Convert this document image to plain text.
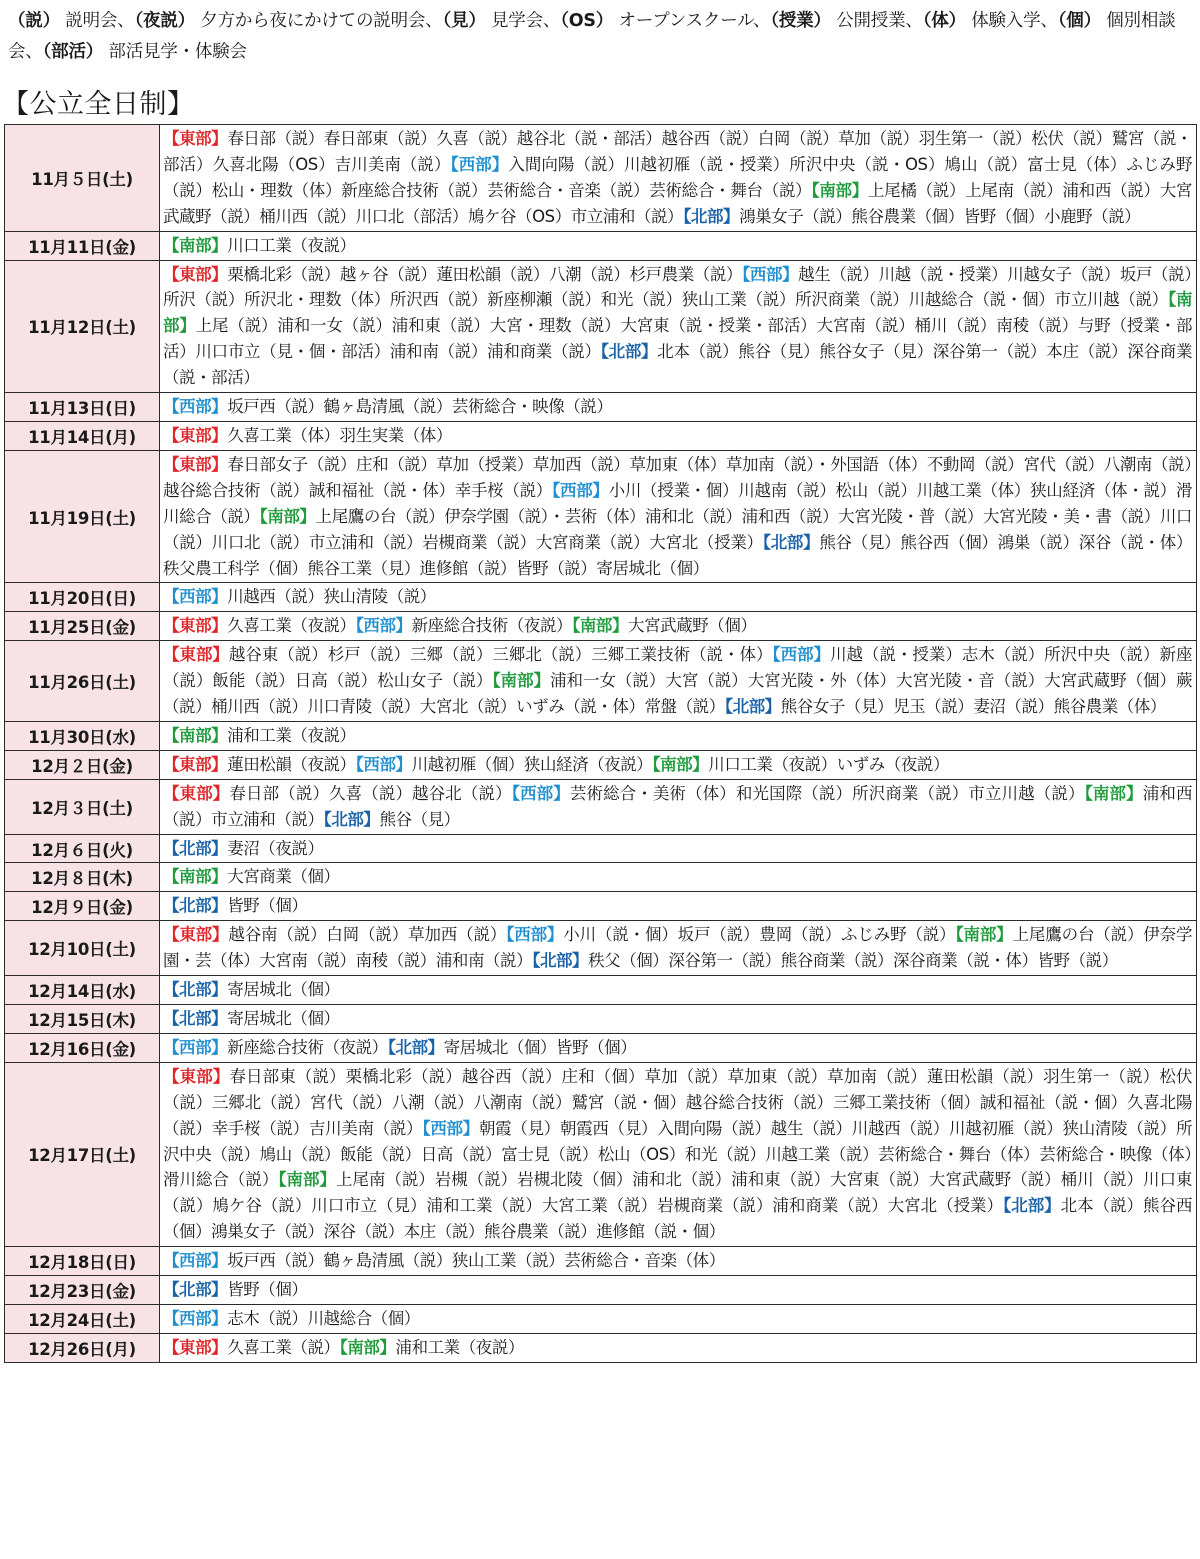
（説） 説明会、（夜説） 夕方から夜にかけての説明会、（見） 見学会、（OS） オープンスクール、（授業） 公開授業、（体） 体験入学、（個） 個別相談会、（部活） 部活見学・体験会
【公立全日制】
11月５日(土)	【東部】春日部（説）春日部東（説）久喜（説）越谷北（説・部活）越谷西（説）白岡（説）草加（説）羽生第一（説）松伏（説）鷲宮（説・部活）久喜北陽（OS）吉川美南（説）【西部】入間向陽（説）川越初雁（説・授業）所沢中央（説・OS）鳩山（説）富士見（体）ふじみ野（説）松山・理数（体）新座総合技術（説）芸術総合・音楽（説）芸術総合・舞台（説）【南部】上尾橘（説）上尾南（説）浦和西（説）大宮武蔵野（説）桶川西（説）川口北（部活）鳩ケ谷（OS）市立浦和（説）【北部】鴻巣女子（説）熊谷農業（個）皆野（個）小鹿野（説）
11月11日(金)	【南部】川口工業（夜説）
11月12日(土)	【東部】栗橋北彩（説）越ヶ谷（説）蓮田松韻（説）八潮（説）杉戸農業（説）【西部】越生（説）川越（説・授業）川越女子（説）坂戸（説）所沢（説）所沢北・理数（体）所沢西（説）新座柳瀬（説）和光（説）狭山工業（説）所沢商業（説）川越総合（説・個）市立川越（説）【南部】上尾（説）浦和一女（説）浦和東（説）大宮・理数（説）大宮東（説・授業・部活）大宮南（説）桶川（説）南稜（説）与野（授業・部活）川口市立（見・個・部活）浦和南（説）浦和商業（説）【北部】北本（説）熊谷（見）熊谷女子（見）深谷第一（説）本庄（説）深谷商業（説・部活）
11月13日(日)	【西部】坂戸西（説）鶴ヶ島清風（説）芸術総合・映像（説）
11月14日(月)	【東部】久喜工業（体）羽生実業（体）
11月19日(土)	【東部】春日部女子（説）庄和（説）草加（授業）草加西（説）草加東（体）草加南（説）・外国語（体）不動岡（説）宮代（説）八潮南（説）越谷総合技術（説）誠和福祉（説・体）幸手桜（説）【西部】小川（授業・個）川越南（説）松山（説）川越工業（体）狭山経済（体・説）滑川総合（説）【南部】上尾鷹の台（説）伊奈学園（説）・芸術（体）浦和北（説）浦和西（説）大宮光陵・普（説）大宮光陵・美・書（説）川口（説）川口北（説）市立浦和（説）岩槻商業（説）大宮商業（説）大宮北（授業）【北部】熊谷（見）熊谷西（個）鴻巣（説）深谷（説・体）秩父農工科学（個）熊谷工業（見）進修館（説）皆野（説）寄居城北（個）
11月20日(日)	【西部】川越西（説）狭山清陵（説）
11月25日(金)	【東部】久喜工業（夜説）【西部】新座総合技術（夜説）【南部】大宮武蔵野（個）
11月26日(土)	【東部】越谷東（説）杉戸（説）三郷（説）三郷北（説）三郷工業技術（説・体）【西部】川越（説・授業）志木（説）所沢中央（説）新座（説）飯能（説）日高（説）松山女子（説）【南部】浦和一女（説）大宮（説）大宮光陵・外（体）大宮光陵・音（説）大宮武蔵野（個）蕨（説）桶川西（説）川口青陵（説）大宮北（説）いずみ（説・体）常盤（説）【北部】熊谷女子（見）児玉（説）妻沼（説）熊谷農業（体）
11月30日(水)	【南部】浦和工業（夜説）
12月２日(金)	【東部】蓮田松韻（夜説）【西部】川越初雁（個）狭山経済（夜説）【南部】川口工業（夜説）いずみ（夜説）
12月３日(土)	【東部】春日部（説）久喜（説）越谷北（説）【西部】芸術総合・美術（体）和光国際（説）所沢商業（説）市立川越（説）【南部】浦和西（説）市立浦和（説）【北部】熊谷（見）
12月６日(火)	【北部】妻沼（夜説）
12月８日(木)	【南部】大宮商業（個）
12月９日(金)	【北部】皆野（個）
12月10日(土)	【東部】越谷南（説）白岡（説）草加西（説）【西部】小川（説・個）坂戸（説）豊岡（説）ふじみ野（説）【南部】上尾鷹の台（説）伊奈学園・芸（体）大宮南（説）南稜（説）浦和南（説）【北部】秩父（個）深谷第一（説）熊谷商業（説）深谷商業（説・体）皆野（説）
12月14日(水)	【北部】寄居城北（個）
12月15日(木)	【北部】寄居城北（個）
12月16日(金)	【西部】新座総合技術（夜説）【北部】寄居城北（個）皆野（個）
12月17日(土)	【東部】春日部東（説）栗橋北彩（説）越谷西（説）庄和（個）草加（説）草加東（説）草加南（説）蓮田松韻（説）羽生第一（説）松伏（説）三郷北（説）宮代（説）八潮（説）八潮南（説）鷲宮（説・個）越谷総合技術（説）三郷工業技術（個）誠和福祉（説・個）久喜北陽（説）幸手桜（説）吉川美南（説）【西部】朝霞（見）朝霞西（見）入間向陽（説）越生（説）川越西（説）川越初雁（説）狭山清陵（説）所沢中央（説）鳩山（説）飯能（説）日高（説）富士見（説）松山（OS）和光（説）川越工業（説）芸術総合・舞台（体）芸術総合・映像（体）滑川総合（説）【南部】上尾南（説）岩槻（説）岩槻北陵（個）浦和北（説）浦和東（説）大宮東（説）大宮武蔵野（説）桶川（説）川口東（説）鳩ケ谷（説）川口市立（見）浦和工業（説）大宮工業（説）岩槻商業（説）浦和商業（説）大宮北（授業）【北部】北本（説）熊谷西（個）鴻巣女子（説）深谷（説）本庄（説）熊谷農業（説）進修館（説・個）
12月18日(日)	【西部】坂戸西（説）鶴ヶ島清風（説）狭山工業（説）芸術総合・音楽（体）
12月23日(金)	【北部】皆野（個）
12月24日(土)	【西部】志木（説）川越総合（個）
12月26日(月)	【東部】久喜工業（説）【南部】浦和工業（夜説）
